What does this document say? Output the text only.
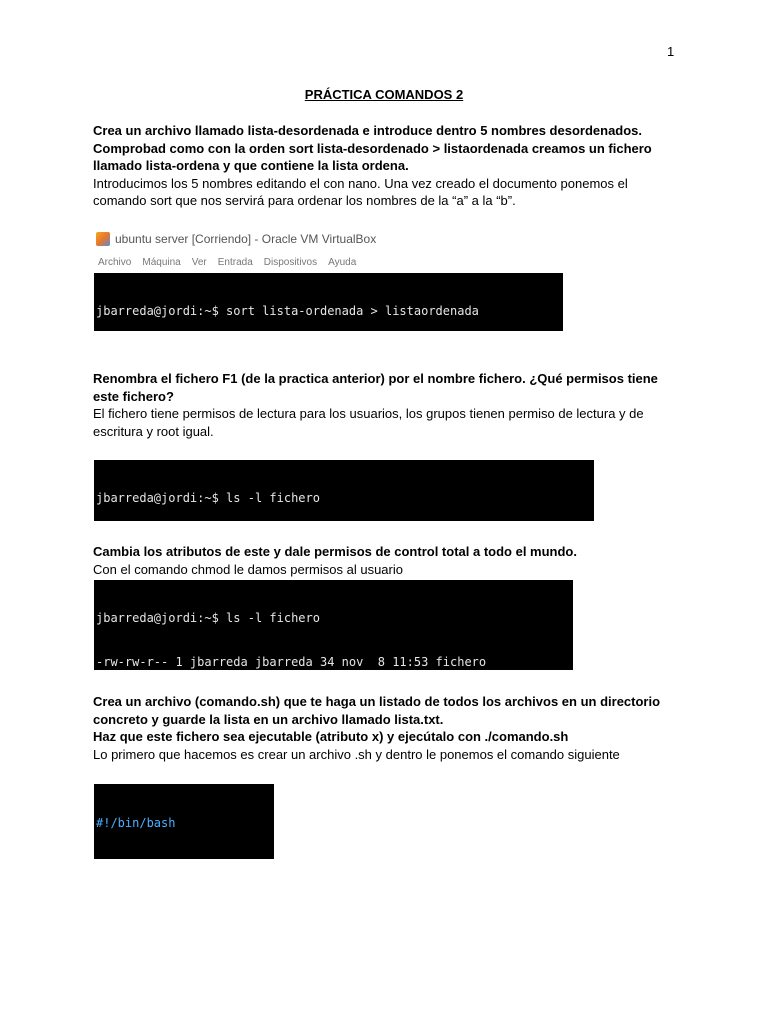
1
PRÁCTICA COMANDOS 2

Crea un archivo llamado lista-desordenada e introduce dentro 5 nombres desordenados. Comprobad como con la orden sort lista-desordenado > listaordenada creamos un fichero llamado lista-ordena y que contiene la lista ordena.

Introducimos los 5 nombres editando el con nano. Una vez creado el documento ponemos el comando sort que nos servirá para ordenar los nombres de la “a” a la “b”.

ubuntu server [Corriendo] - Oracle VM VirtualBox
Archivo Máquina Ver Entrada Dispositivos Ayuda

jbarreda@jordi:~$ sort lista-ordenada > listaordenada

Renombra el fichero F1 (de la practica anterior) por el nombre fichero. ¿Qué permisos tiene este fichero?

El fichero tiene permisos de lectura para los usuarios, los grupos tienen permiso de lectura y de escritura y root igual.

jbarreda@jordi:~$ ls -l fichero

Cambia los atributos de este y dale permisos de control total a todo el mundo.

Con el comando chmod le damos permisos al usuario

jbarreda@jordi:~$ ls -l fichero

-rw-rw-r-- 1 jbarreda jbarreda 34 nov  8 11:53 fichero

Crea un archivo (comando.sh) que te haga un listado de todos los archivos en un directorio concreto y guarde la lista en un archivo llamado lista.txt.

Haz que este fichero sea ejecutable (atributo x) y ejecútalo con ./comando.sh

Lo primero que hacemos es crear un archivo .sh y dentro le ponemos el comando siguiente

#!/bin/bash
